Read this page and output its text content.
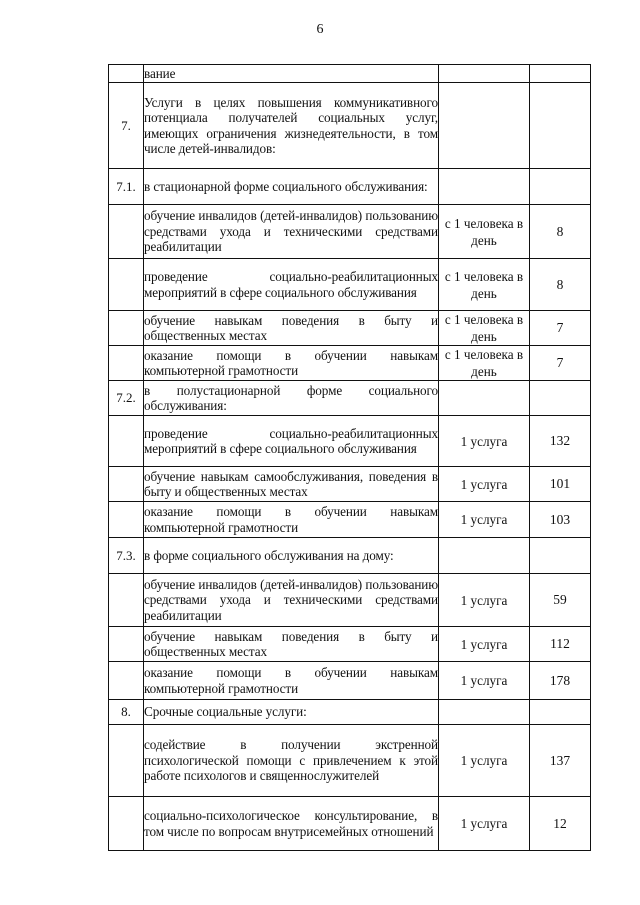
6
	вание		
7.	Услуги в целях повышения коммуникативного потенциала получателей социальных услуг, имеющих ограничения жизнедеятельности, в том числе детей-инвалидов:		
7.1.	в стационарной форме социального обслуживания:		
	обучение инвалидов (детей-инвалидов) пользованию средствами ухода и техническими средствами реабилитации	с 1 человека в день	8
	проведение социально-реабилитационных мероприятий в сфере социального обслуживания	с 1 человека в день	8
	обучение навыкам поведения в быту и общественных местах	с 1 человека в день	7
	оказание помощи в обучении навыкам компьютерной грамотности	с 1 человека в день	7
7.2.	в полустационарной форме социального обслуживания:		
	проведение социально-реабилитационных мероприятий в сфере социального обслуживания	1 услуга	132
	обучение навыкам самообслуживания, поведения в быту и общественных местах	1 услуга	101
	оказание помощи в обучении навыкам компьютерной грамотности	1 услуга	103
7.3.	в форме социального обслуживания на дому:		
	обучение инвалидов (детей-инвалидов) пользованию средствами ухода и техническими средствами реабилитации	1 услуга	59
	обучение навыкам поведения в быту и общественных местах	1 услуга	112
	оказание помощи в обучении навыкам компьютерной грамотности	1 услуга	178
8.	Срочные социальные услуги:		
	содействие в получении экстренной психологической помощи с привлечением к этой работе психологов и священнослужителей	1 услуга	137
	социально-психологическое консультирование, в том числе по вопросам внутрисемейных отношений	1 услуга	12
